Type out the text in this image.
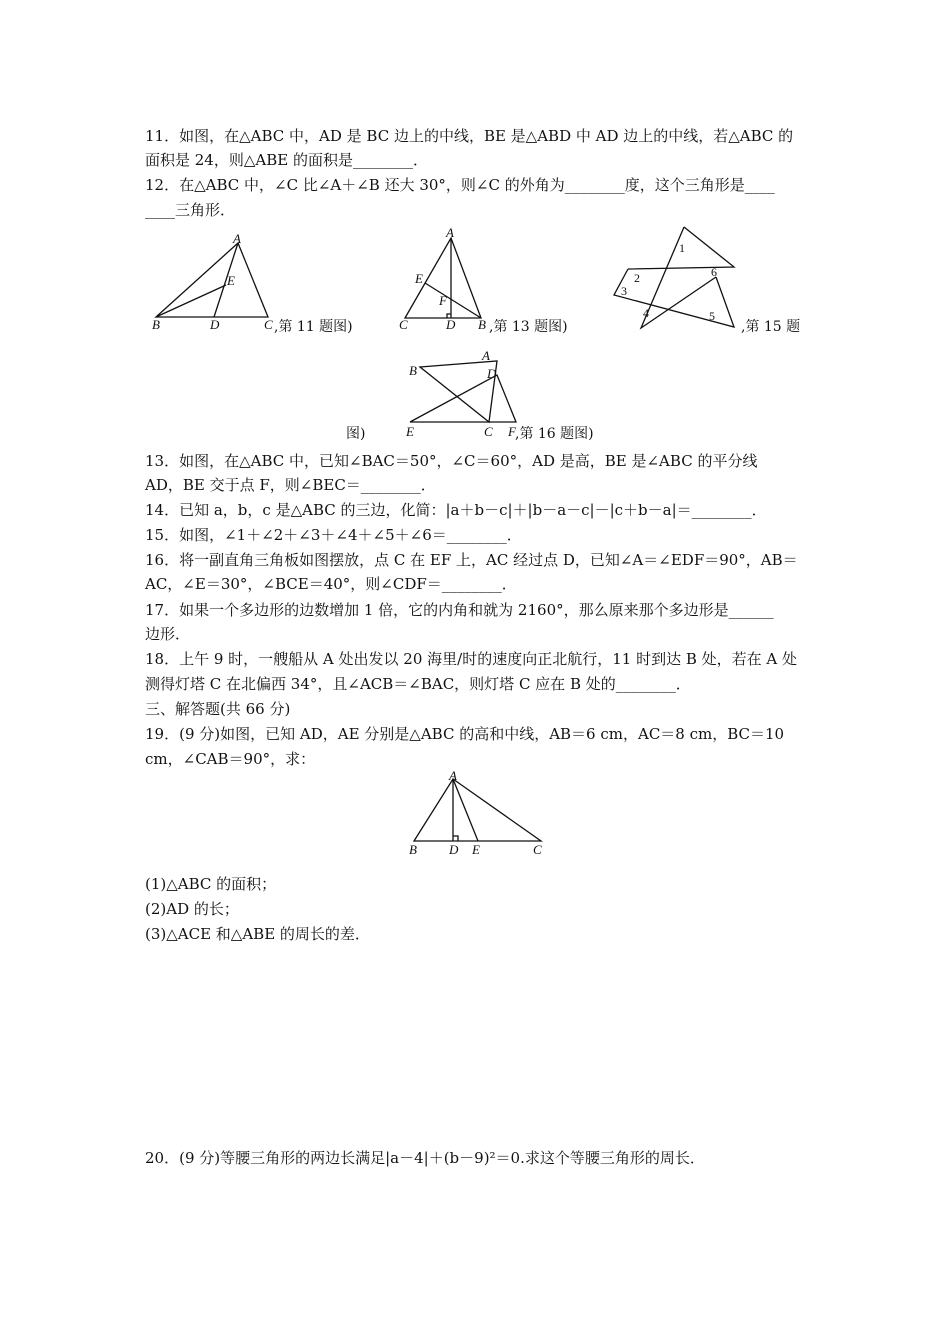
11．如图，在△ABC 中，AD 是 BC 边上的中线，BE 是△ABD 中 AD 边上的中线，若△ABC 的
面积是 24，则△ABE 的面积是________．
12．在△ABC 中，∠C 比∠A＋∠B 还大 30°，则∠C 的外角为________度，这个三角形是____
____三角形．
A
B	D	C
E
,第 11 题图)
A
E
F
C	D B ,第 13 题图)
1
2
3
4	5
6
,第 15 题
图)
A
B	D
E	C F ,第 16 题图)
13．如图，在△ABC 中，已知∠BAC＝50°，∠C＝60°，AD 是高，BE 是∠ABC 的平分线
AD，BE 交于点 F，则∠BEC＝________．
14．已知 a，b，c 是△ABC 的三边，化简：|a＋b－c|＋|b－a－c|－|c＋b－a|＝________．
15．如图，∠1＋∠2＋∠3＋∠4＋∠5＋∠6＝________．
16．将一副直角三角板如图摆放，点 C 在 EF 上，AC 经过点 D，已知∠A＝∠EDF＝90°，AB＝
AC，∠E＝30°，∠BCE＝40°，则∠CDF＝________．
17．如果一个多边形的边数增加 1 倍，它的内角和就为 2160°，那么原来那个多边形是______
边形．
18．上午 9 时，一艘船从 A 处出发以 20 海里/时的速度向正北航行，11 时到达 B 处，若在 A 处
测得灯塔 C 在北偏西 34°，且∠ACB＝∠BAC，则灯塔 C 应在 B 处的________．
三、解答题(共 66 分)
19．(9 分)如图，已知 AD，AE 分别是△ABC 的高和中线，AB＝6 cm，AC＝8 cm，BC＝10
cm，∠CAB＝90°，求：
A
B D E	C
(1)△ABC 的面积；
(2)AD 的长；
(3)△ACE 和△ABE 的周长的差．
20．(9 分)等腰三角形的两边长满足|a－4|＋(b－9)²＝0.求这个等腰三角形的周长．
